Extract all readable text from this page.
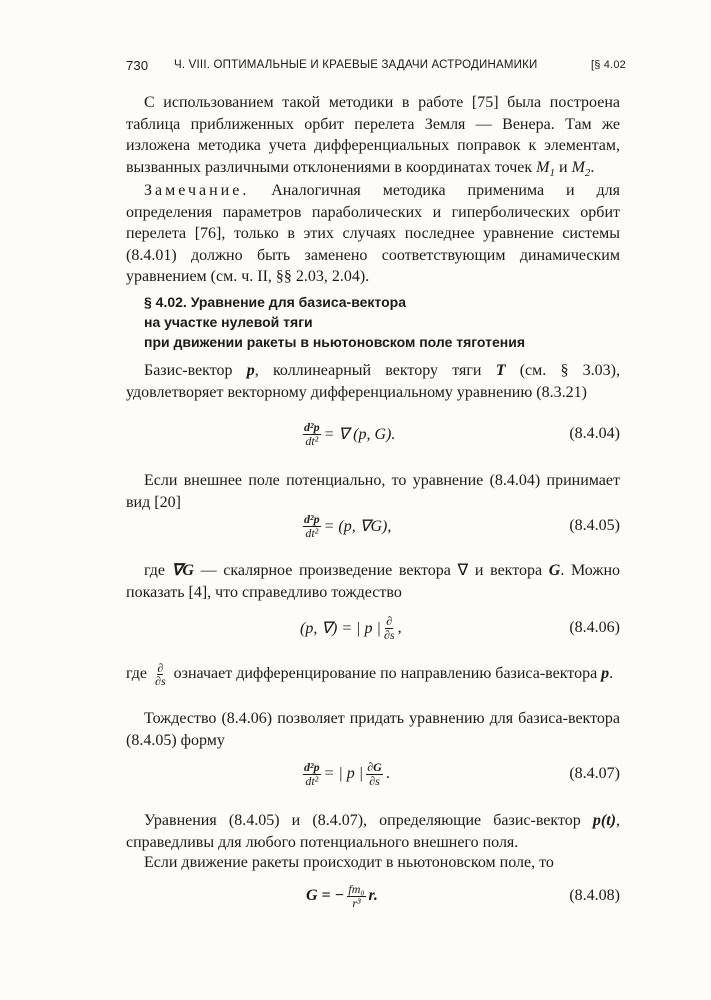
730 Ч. VIII. ОПТИМАЛЬНЫЕ И КРАЕВЫЕ ЗАДАЧИ АСТРОДИНАМИКИ	[§ 4.02
С использованием такой методики в работе [75] была построена таблица приближенных орбит перелета Земля — Венера. Там же изложена методика учета дифференциальных поправок к элементам, вызванных различными отклонениями в координатах точек $M_1$ и $M_2$.
Замечание. Аналогичная методика применима и для определения параметров параболических и гиперболических орбит перелета [76], только в этих случаях последнее уравнение системы (8.4.01) должно быть заменено соответствующим динамическим уравнением (см. ч. II, §§ 2.03, 2.04).
§ 4.02. Уравнение для базиса-вектора
на участке нулевой тяги
при движении ракеты в ньютоновском поле тяготения
Базис-вектор p, коллинеарный вектору тяги T (см. § 3.03), удовлетворяет векторному дифференциальному уравнению (8.3.21)
$\frac{\text{d²p}}{\text{dt²}}$ = ∇ (p, G).	(8.4.04)
Если внешнее поле потенциально, то уравнение (8.4.04) принимает вид [20]
$\frac{\text{d²p}}{\text{dt²}} = (p$, ∇G),	(8.4.05)
где ∇G — скалярное произведение вектора ∇ и вектора G. Можно показать [4], что справедливо тождество
(p, ∇) = | p | $\frac{\partial}{\partial s}$ ,	(8.4.06)
где $\frac{\partial}{\partial s}$ означает дифференцирование по направлению базиса-вектора p.
Тождество (8.4.06) позволяет придать уравнению для базиса-вектора (8.4.05) форму
$\frac{\text{d²p}}{\text{dt²}}$ = | p | $\frac{\partial G}{\partial s}$ .	(8.4.07)
Уравнения (8.4.05) и (8.4.07), определяющие базис-вектор p(t), справедливы для любого потенциального внешнего поля.
Если движение ракеты происходит в ньютоновском поле, то
G = − $\frac{\text{fm₀}}{\text{r³}} r$.	(8.4.08)
